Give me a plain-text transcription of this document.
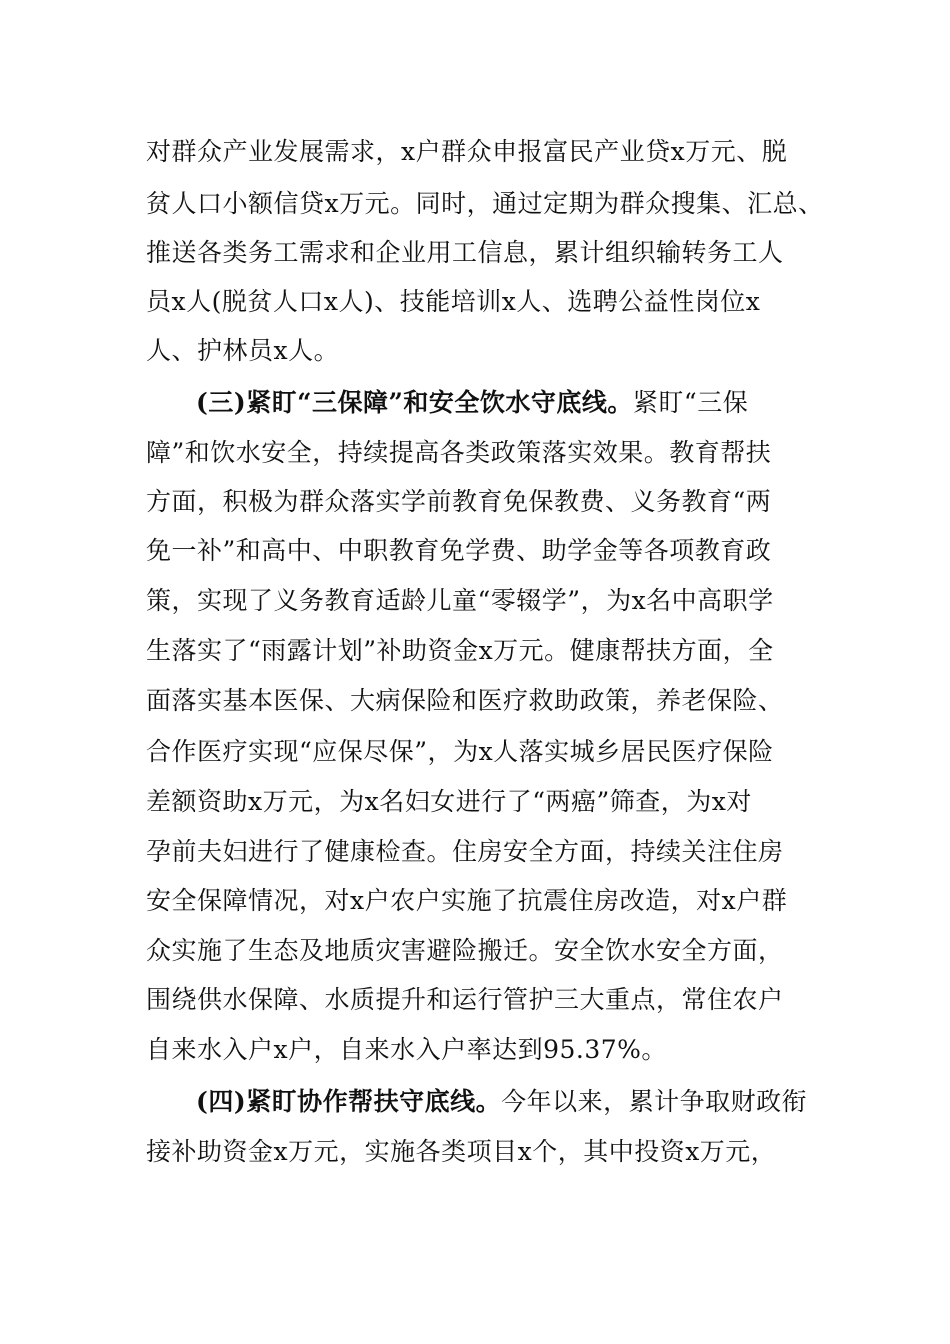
对群众产业发展需求，x户群众申报富民产业贷x万元、脱
贫人口小额信贷x万元。同时，通过定期为群众搜集、汇总、
推送各类务工需求和企业用工信息，累计组织输转务工人
员x人(脱贫人口x人)、技能培训x人、选聘公益性岗位x
人、护林员x人。
(三)紧盯“三保障”和安全饮水守底线。紧盯“三保
障”和饮水安全，持续提高各类政策落实效果。教育帮扶
方面，积极为群众落实学前教育免保教费、义务教育“两
免一补”和高中、中职教育免学费、助学金等各项教育政
策，实现了义务教育适龄儿童“零辍学”，为x名中高职学
生落实了“雨露计划”补助资金x万元。健康帮扶方面，全
面落实基本医保、大病保险和医疗救助政策，养老保险、
合作医疗实现“应保尽保”，为x人落实城乡居民医疗保险
差额资助x万元，为x名妇女进行了“两癌”筛查，为x对
孕前夫妇进行了健康检查。住房安全方面，持续关注住房
安全保障情况，对x户农户实施了抗震住房改造，对x户群
众实施了生态及地质灾害避险搬迁。安全饮水安全方面，
围绕供水保障、水质提升和运行管护三大重点，常住农户
自来水入户x户，自来水入户率达到95.37%。
(四)紧盯协作帮扶守底线。今年以来，累计争取财政衔
接补助资金x万元，实施各类项目x个，其中投资x万元，
